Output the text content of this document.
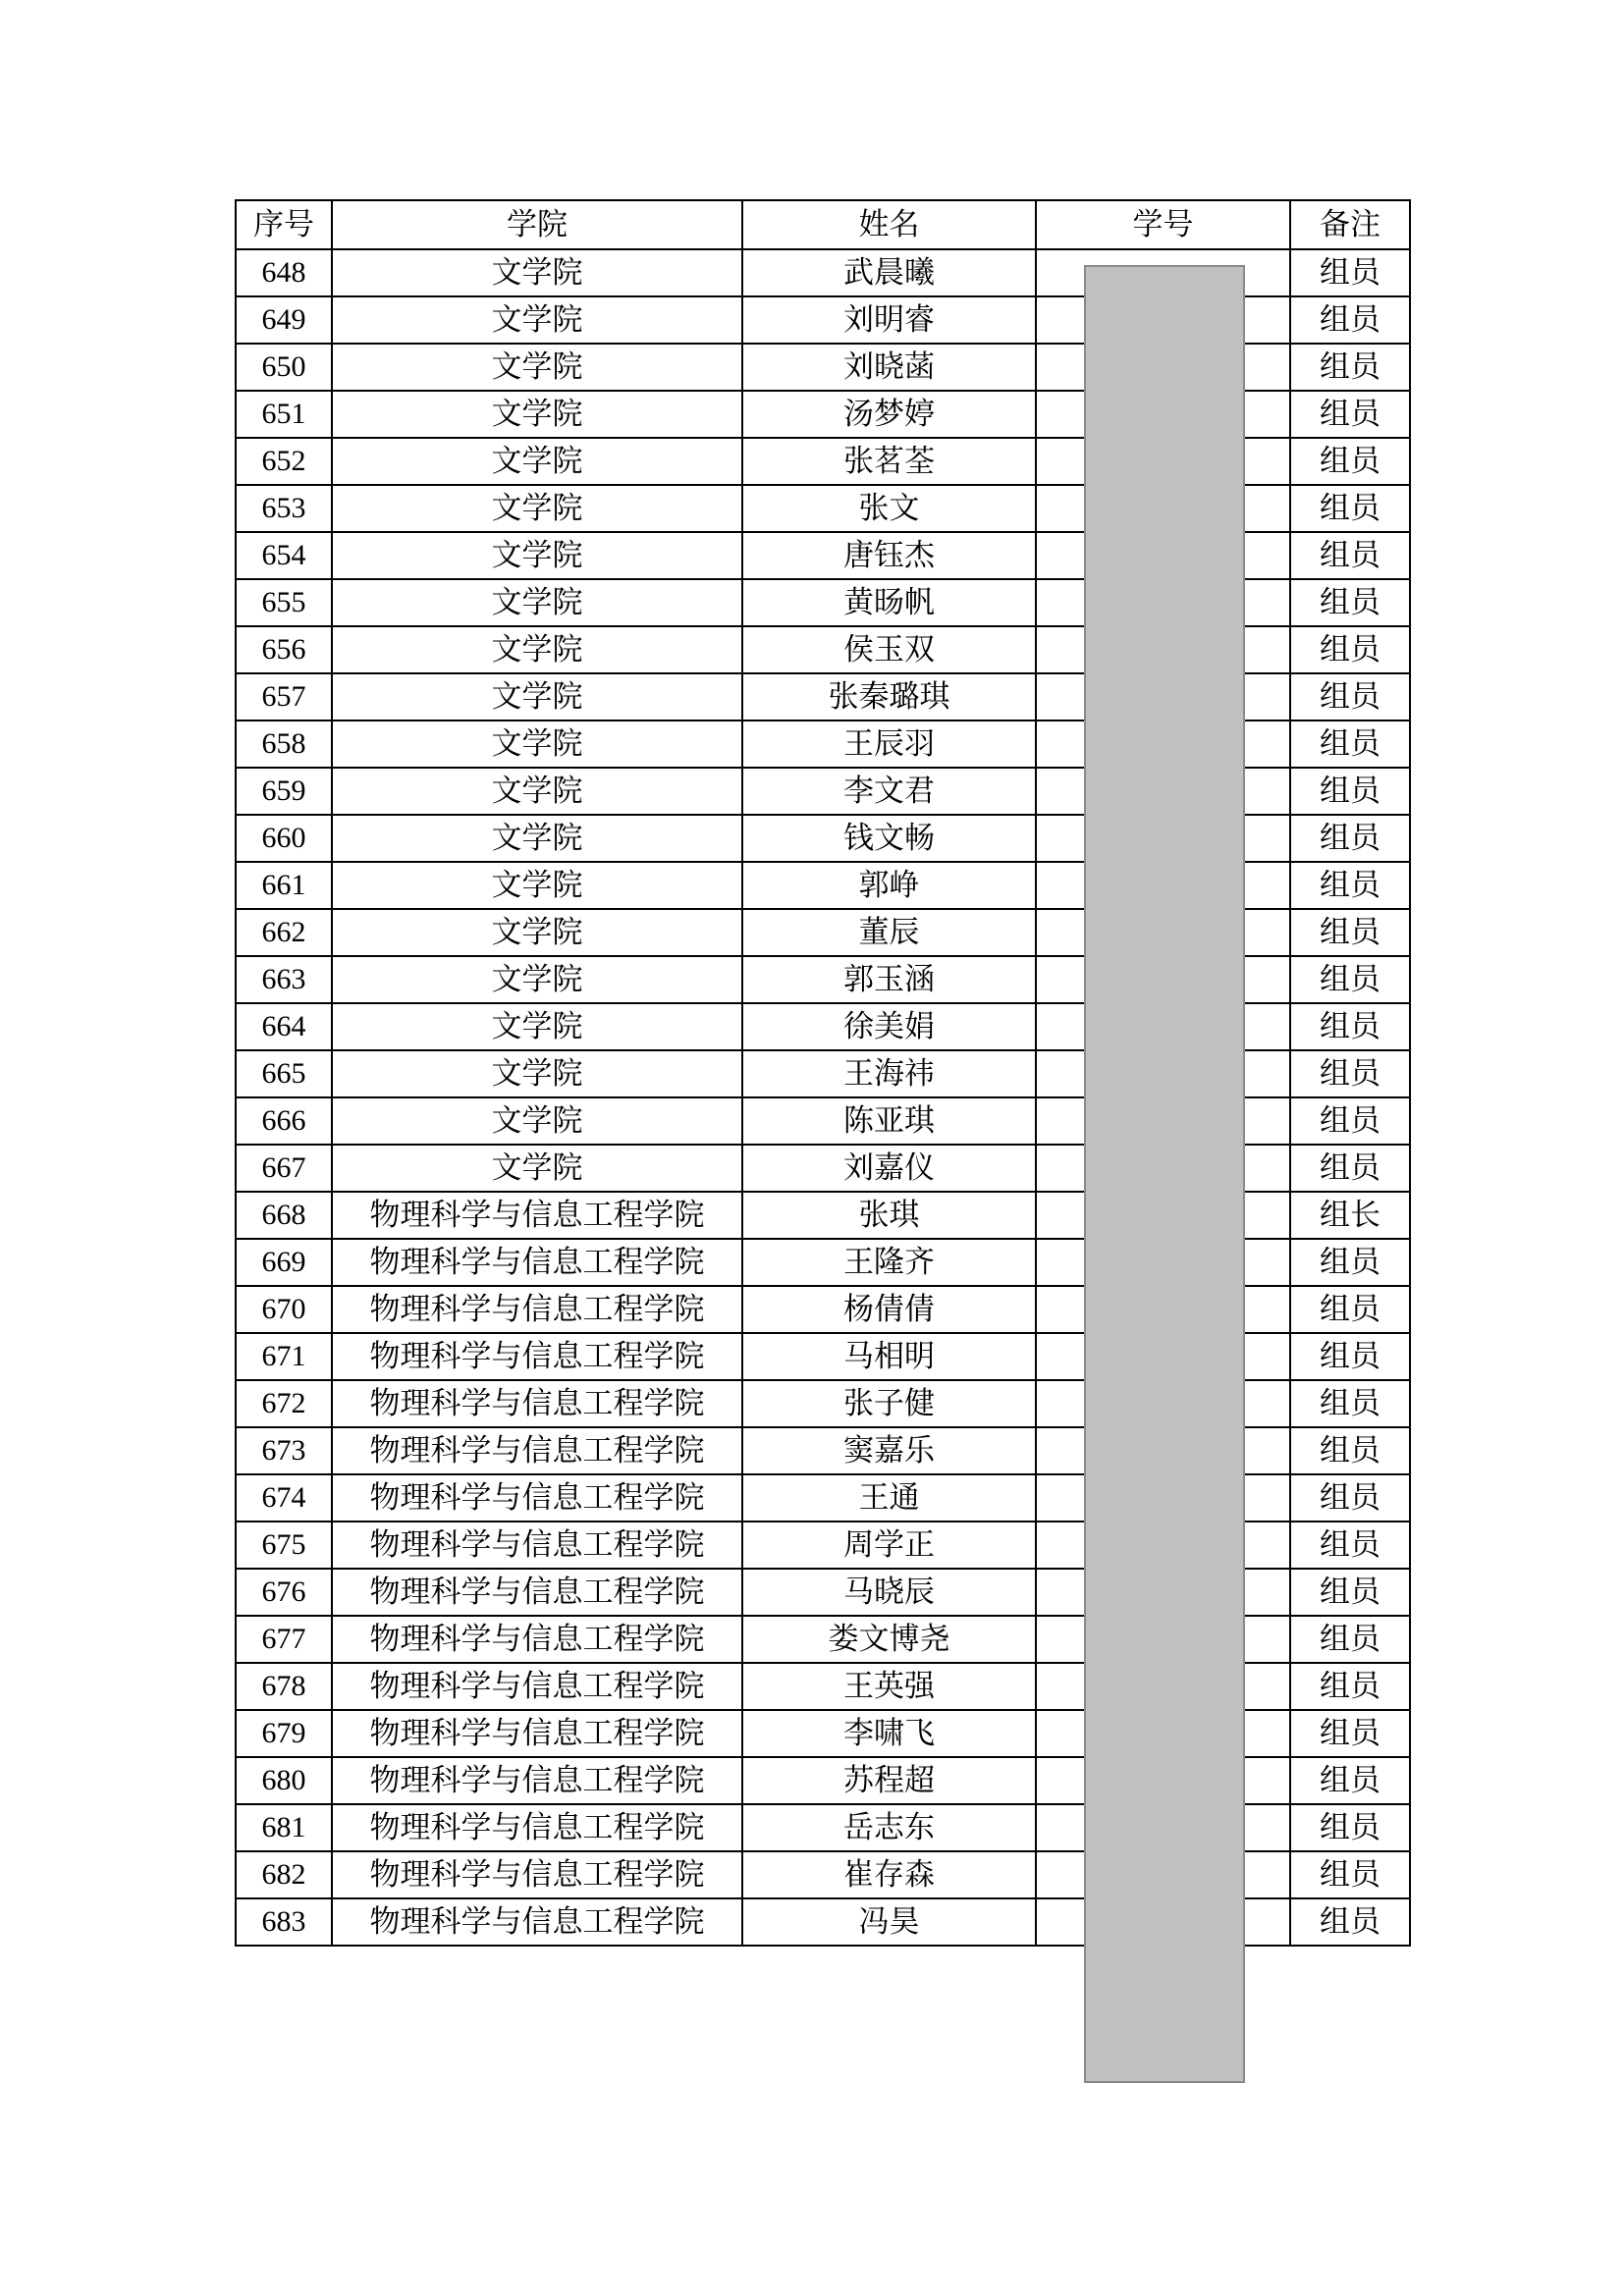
序号	学院	姓名	学号	备注
648	文学院	武晨曦		组员
649	文学院	刘明睿		组员
650	文学院	刘晓菡		组员
651	文学院	汤梦婷		组员
652	文学院	张茗荃		组员
653	文学院	张文		组员
654	文学院	唐钰杰		组员
655	文学院	黄旸帆		组员
656	文学院	侯玉双		组员
657	文学院	张秦璐琪		组员
658	文学院	王辰羽		组员
659	文学院	李文君		组员
660	文学院	钱文畅		组员
661	文学院	郭峥		组员
662	文学院	董辰		组员
663	文学院	郭玉涵		组员
664	文学院	徐美娟		组员
665	文学院	王海祎		组员
666	文学院	陈亚琪		组员
667	文学院	刘嘉仪		组员
668	物理科学与信息工程学院	张琪		组长
669	物理科学与信息工程学院	王隆齐		组员
670	物理科学与信息工程学院	杨倩倩		组员
671	物理科学与信息工程学院	马相明		组员
672	物理科学与信息工程学院	张子健		组员
673	物理科学与信息工程学院	窦嘉乐		组员
674	物理科学与信息工程学院	王通		组员
675	物理科学与信息工程学院	周学正		组员
676	物理科学与信息工程学院	马晓辰		组员
677	物理科学与信息工程学院	娄文博尧		组员
678	物理科学与信息工程学院	王英强		组员
679	物理科学与信息工程学院	李啸飞		组员
680	物理科学与信息工程学院	苏程超		组员
681	物理科学与信息工程学院	岳志东		组员
682	物理科学与信息工程学院	崔存森		组员
683	物理科学与信息工程学院	冯昊		组员
